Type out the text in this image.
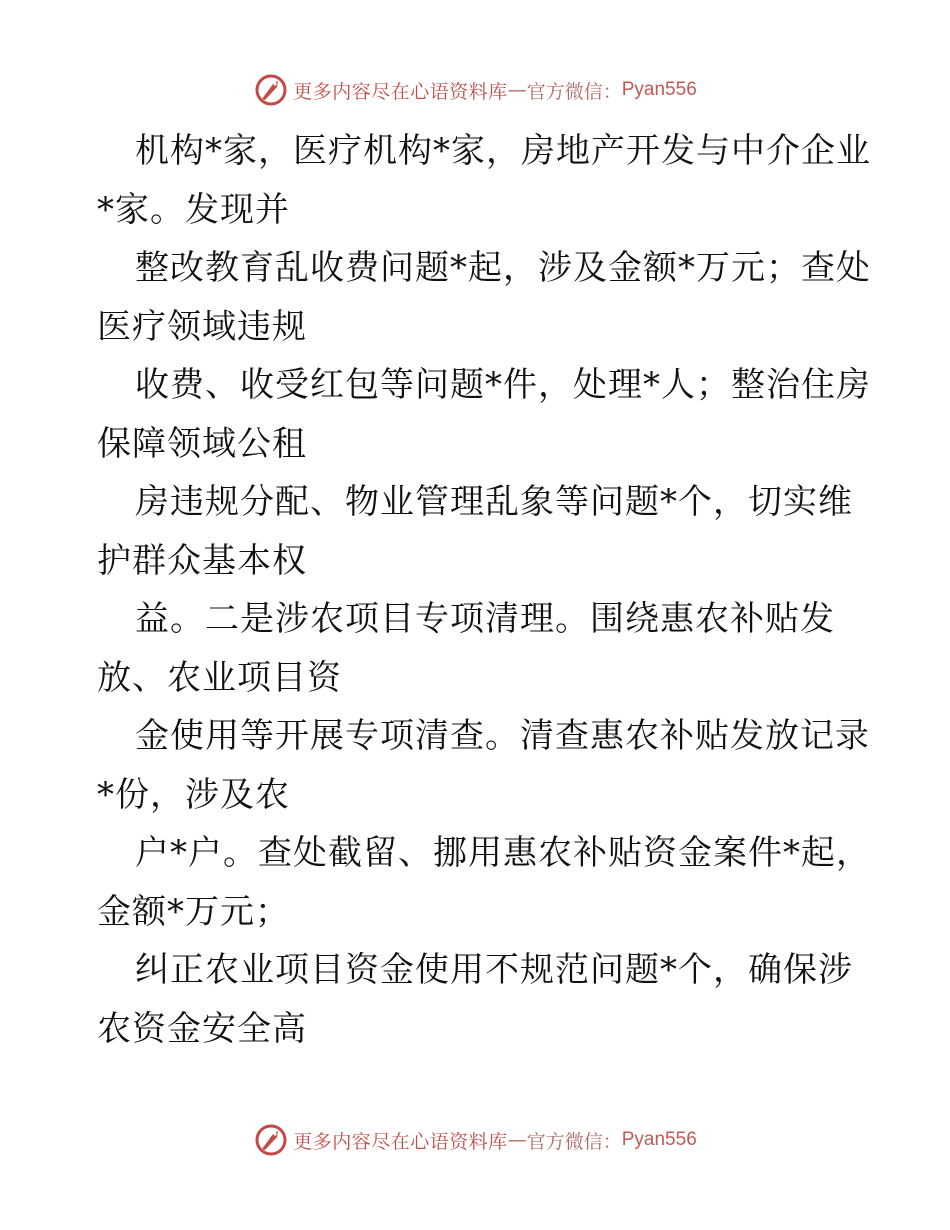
更多内容尽在心语资料库 — 官方微信： Pyan556

机构*家，医疗机构*家，房地产开发与中介企业
*家。发现并

整改教育乱收费问题*起，涉及金额*万元；查处
医疗领域违规

收费、收受红包等问题*件，处理*人；整治住房
保障领域公租

房违规分配、物业管理乱象等问题*个，切实维
护群众基本权

益。二是涉农项目专项清理。围绕惠农补贴发
放、农业项目资

金使用等开展专项清查。清查惠农补贴发放记录
*份，涉及农

户*户。查处截留、挪用惠农补贴资金案件*起，
金额*万元；

纠正农业项目资金使用不规范问题*个，确保涉
农资金安全高

更多内容尽在心语资料库 — 官方微信： Pyan556
